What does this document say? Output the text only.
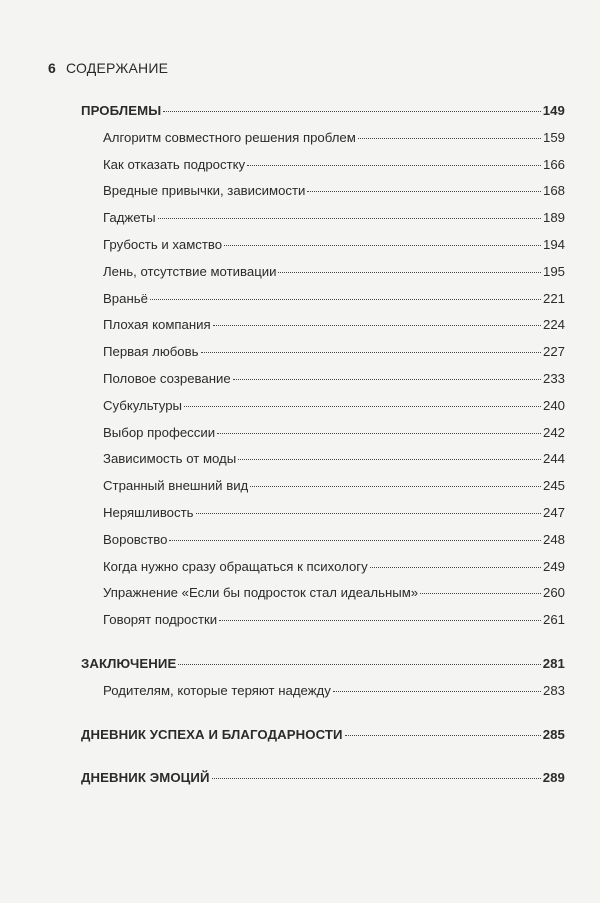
6 СОДЕРЖАНИЕ
ПРОБЛЕМЫ	149
Алгоритм совместного решения проблем	159
Как отказать подростку	166
Вредные привычки, зависимости	168
Гаджеты	189
Грубость и хамство	194
Лень, отсутствие мотивации	195
Враньё	221
Плохая компания	224
Первая любовь	227
Половое созревание	233
Субкультуры	240
Выбор профессии	242
Зависимость от моды	244
Странный внешний вид	245
Неряшливость	247
Воровство	248
Когда нужно сразу обращаться к психологу	249
Упражнение «Если бы подросток стал идеальным»	260
Говорят подростки	261
ЗАКЛЮЧЕНИЕ	281
Родителям, которые теряют надежду	283
ДНЕВНИК УСПЕХА И БЛАГОДАРНОСТИ	285
ДНЕВНИК ЭМОЦИЙ	289
